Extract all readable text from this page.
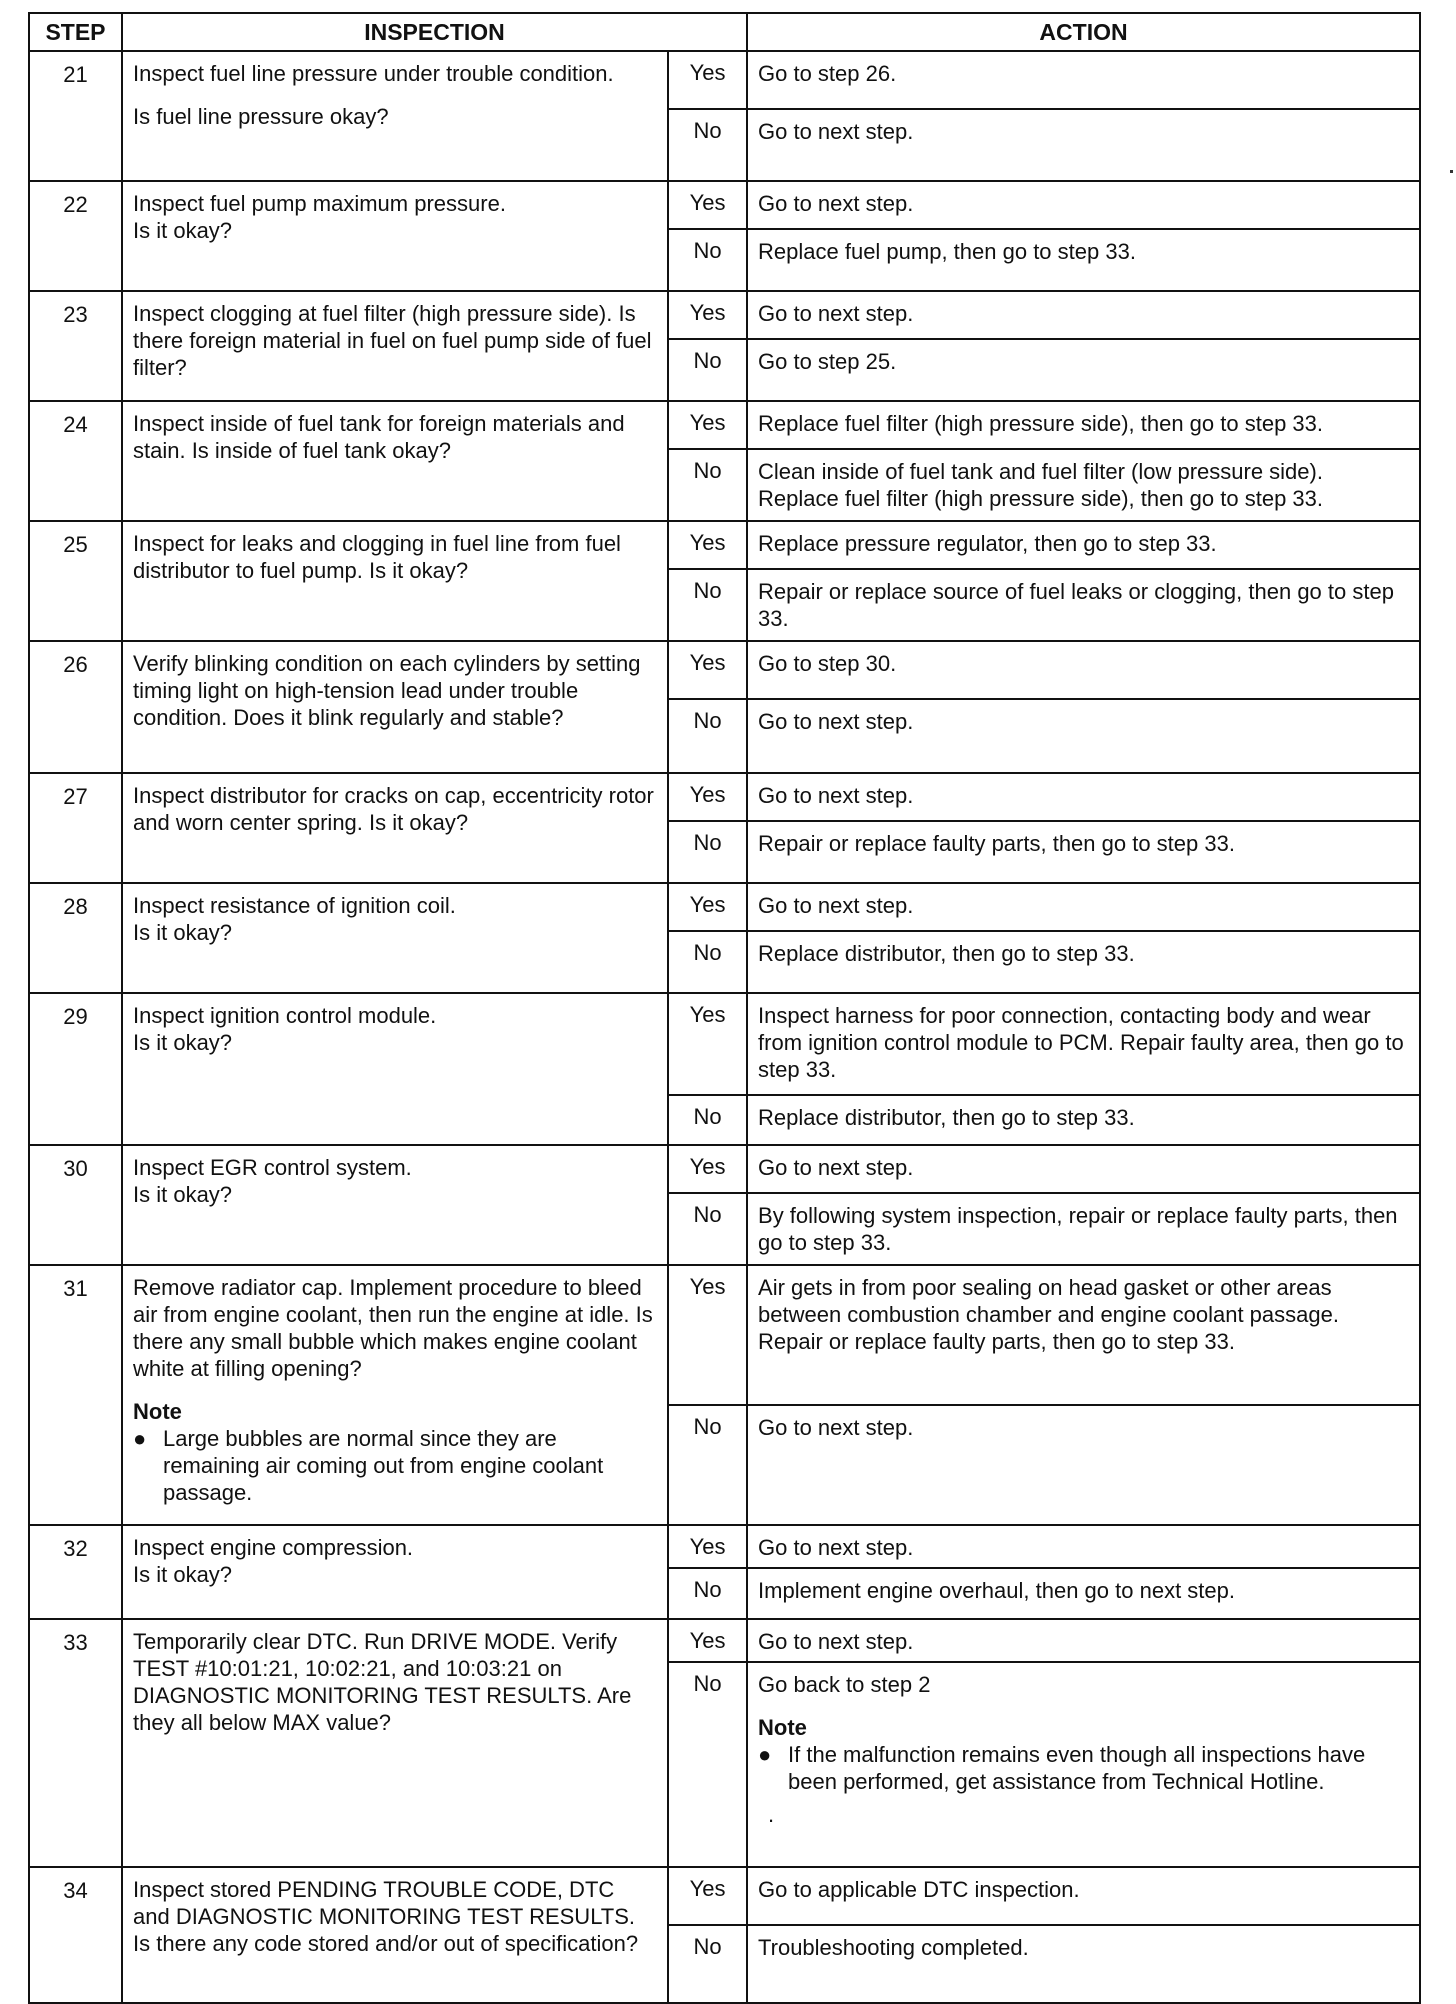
STEP	INSPECTION		ACTION
21	Inspect fuel line pressure under trouble condition.
Is fuel line pressure okay?	Yes	Go to step 26.
		No	Go to next step.
22	Inspect fuel pump maximum pressure.
Is it okay?	Yes	Go to next step.
		No	Replace fuel pump, then go to step 33.
23	Inspect clogging at fuel filter (high pressure side). Is there foreign material in fuel on fuel pump side of fuel filter?	Yes	Go to next step.
		No	Go to step 25.
24	Inspect inside of fuel tank for foreign materials and stain. Is inside of fuel tank okay?	Yes	Replace fuel filter (high pressure side), then go to step 33.
		No	Clean inside of fuel tank and fuel filter (low pressure side). Replace fuel filter (high pressure side), then go to step 33.
25	Inspect for leaks and clogging in fuel line from fuel distributor to fuel pump. Is it okay?	Yes	Replace pressure regulator, then go to step 33.
		No	Repair or replace source of fuel leaks or clogging, then go to step 33.
26	Verify blinking condition on each cylinders by setting timing light on high-tension lead under trouble condition. Does it blink regularly and stable?	Yes	Go to step 30.
		No	Go to next step.
27	Inspect distributor for cracks on cap, eccentricity rotor and worn center spring. Is it okay?	Yes	Go to next step.
		No	Repair or replace faulty parts, then go to step 33.
28	Inspect resistance of ignition coil.
Is it okay?	Yes	Go to next step.
		No	Replace distributor, then go to step 33.
29	Inspect ignition control module.
Is it okay?	Yes	Inspect harness for poor connection, contacting body and wear from ignition control module to PCM. Repair faulty area, then go to step 33.
		No	Replace distributor, then go to step 33.
30	Inspect EGR control system.
Is it okay?	Yes	Go to next step.
		No	By following system inspection, repair or replace faulty parts, then go to step 33.
31	Remove radiator cap. Implement procedure to bleed air from engine coolant, then run the engine at idle. Is there any small bubble which makes engine coolant white at filling opening?
Note
● Large bubbles are normal since they are remaining air coming out from engine coolant passage.	Yes	Air gets in from poor sealing on head gasket or other areas between combustion chamber and engine coolant passage. Repair or replace faulty parts, then go to step 33.
		No	Go to next step.
32	Inspect engine compression.
Is it okay?	Yes	Go to next step.
		No	Implement engine overhaul, then go to next step.
33	Temporarily clear DTC. Run DRIVE MODE. Verify TEST #10:01:21, 10:02:21, and 10:03:21 on DIAGNOSTIC MONITORING TEST RESULTS. Are they all below MAX value?	Yes	Go to next step.
		No	Go back to step 2
Note
● If the malfunction remains even though all inspections have been performed, get assistance from Technical Hotline.
.

34	Inspect stored PENDING TROUBLE CODE, DTC and DIAGNOSTIC MONITORING TEST RESULTS. Is there any code stored and/or out of specification?	Yes	Go to applicable DTC inspection.
		No	Troubleshooting completed.
